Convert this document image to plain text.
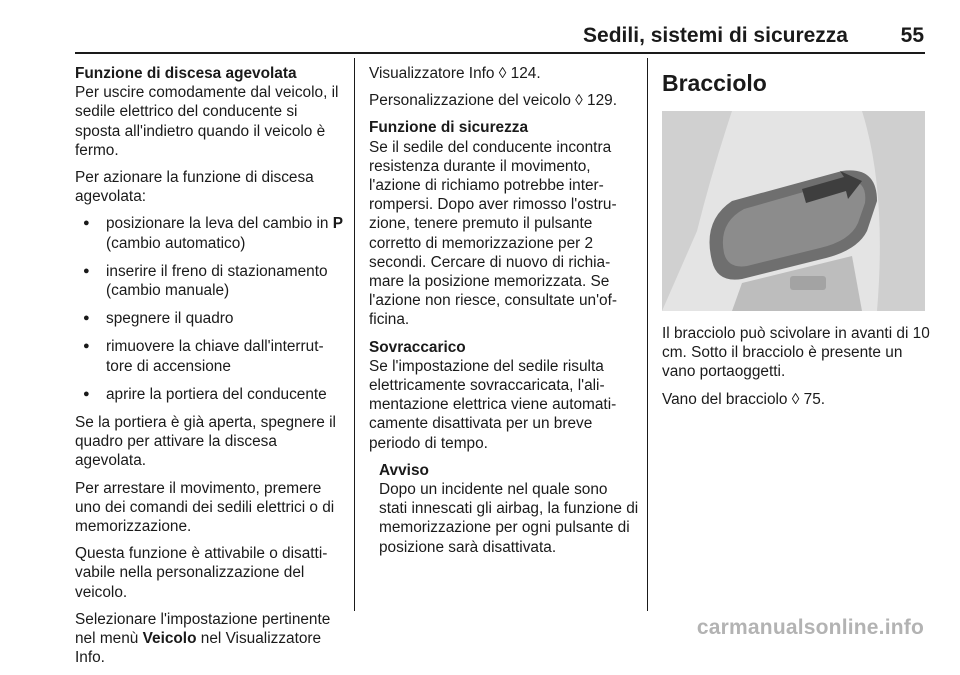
Sedili, sistemi di sicurezza	55

Funzione di discesa agevolata

Per uscire comodamente dal veicolo, il sedile elettrico del conducente si sposta all'indietro quando il veicolo è fermo.

Per azionare la funzione di discesa agevolata:

● posizionare la leva del cambio in P (cambio automatico)
● inserire il freno di stazionamento (cambio manuale)
● spegnere il quadro
● rimuovere la chiave dall'interruttore di accensione
● aprire la portiera del conducente

Se la portiera è già aperta, spegnere il quadro per attivare la discesa agevolata.

Per arrestare il movimento, premere uno dei comandi dei sedili elettrici o di memorizzazione.

Questa funzione è attivabile o disattivabile nella personalizzazione del veicolo.

Selezionare l'impostazione pertinente nel menù Veicolo nel Visualizzatore Info.

Visualizzatore Info ◊ 124.

Personalizzazione del veicolo ◊ 129.

Funzione di sicurezza

Se il sedile del conducente incontra resistenza durante il movimento, l'azione di richiamo potrebbe interrompersi. Dopo aver rimosso l'ostruzione, tenere premuto il pulsante corretto di memorizzazione per 2 secondi. Cercare di nuovo di richiamare la posizione memorizzata. Se l'azione non riesce, consultate un'officina.

Sovraccarico

Se l'impostazione del sedile risulta elettricamente sovraccaricata, l'alimentazione elettrica viene automaticamente disattivata per un breve periodo di tempo.

Avviso

Dopo un incidente nel quale sono stati innescati gli airbag, la funzione di memorizzazione per ogni pulsante di posizione sarà disattivata.

Bracciolo

Il bracciolo può scivolare in avanti di 10 cm. Sotto il bracciolo è presente un vano portaoggetti.

Vano del bracciolo ◊ 75.

carmanualsonline.info
